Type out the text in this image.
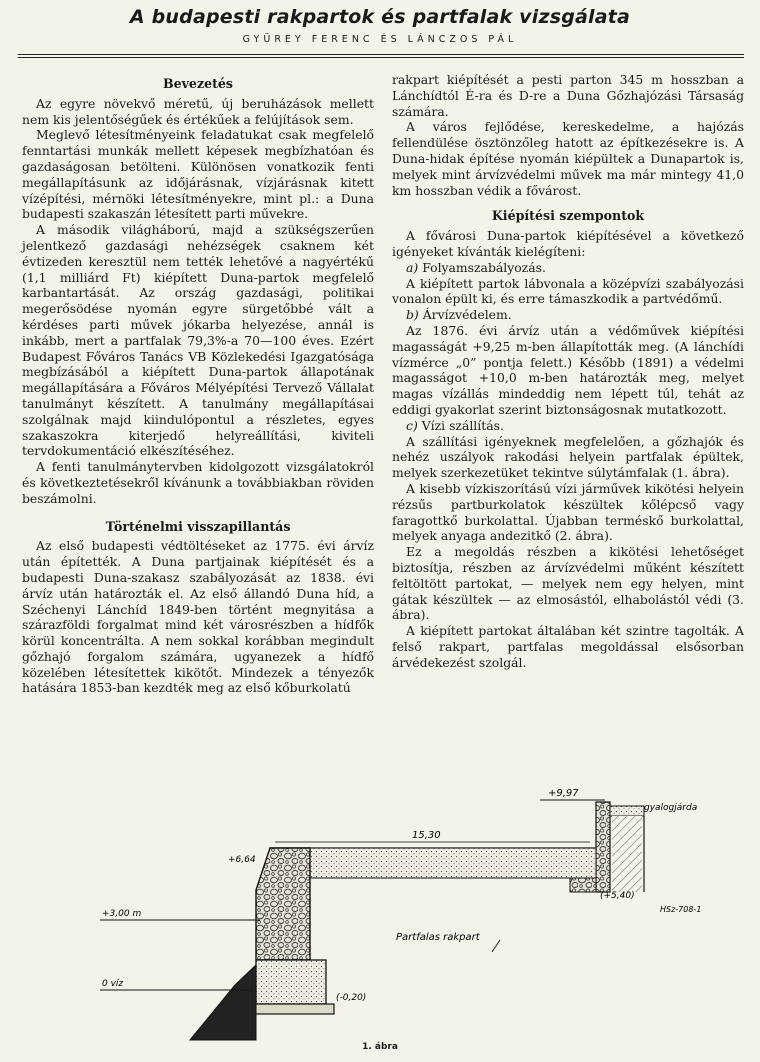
A budapesti rakpartok és partfalak vizsgálata
GYÜREY FERENC ÉS LÁNCZOS PÁL
Bevezetés

Az egyre növekvő méretű, új beruházások mellett nem kis jelentőségűek és értékűek a felújítások sem.

Meglevő létesítményeink feladatukat csak megfelelő fenntartási munkák mellett képesek megbízhatóan és gazdaságosan betölteni. Különösen vonatkozik fenti megállapításunk az időjárásnak, vízjárásnak kitett vízépítési, mérnöki létesítményekre, mint pl.: a Duna budapesti szakaszán létesített parti művekre.

A második világháború, majd a szükségszerűen jelentkező gazdasági nehézségek csaknem két évtizeden keresztül nem tették lehetővé a nagyértékű (1,1 milliárd Ft) kiépített Duna-partok megfelelő karbantartását. Az ország gazdasági, politikai megerősödése nyomán egyre sürgetőbbé vált a kérdéses parti művek jókarba helyezése, annál is inkább, mert a partfalak 79,3%-a 70—100 éves. Ezért Budapest Főváros Tanács VB Közlekedési Igazgatósága megbízásából a kiépített Duna-partok állapotának megállapítására a Főváros Mélyépítési Tervező Vállalat tanulmányt készített. A tanulmány megállapításai szolgálnak majd kiindulópontul a részletes, egyes szakaszokra kiterjedő helyreállítási, kiviteli tervdokumentáció elkészítéséhez.

A fenti tanulmánytervben kidolgozott vizsgálatokról és következtetésekről kívánunk a továbbiakban röviden beszámolni.

Történelmi visszapillantás

Az első budapesti védtöltéseket az 1775. évi árvíz után építették. A Duna partjainak kiépítését és a budapesti Duna-szakasz szabályozását az 1838. évi árvíz után határozták el. Az első állandó Duna híd, a Széchenyi Lánchíd 1849-ben történt megnyitása a szárazföldi forgalmat mind két városrészben a hídfők körül koncentrálta. A nem sokkal korábban megindult gőzhajó forgalom számára, ugyanezek a hídfő közelében létesítettek kikötőt. Mindezek a tényezők hatására 1853-ban kezdték meg az első kőburkolatú

rakpart kiépítését a pesti parton 345 m hosszban a Lánchídtól É-ra és D-re a Duna Gőzhajózási Társaság számára.

A város fejlődése, kereskedelme, a hajózás fellendülése ösztönzőleg hatott az építkezésekre is. A Duna-hidak építése nyomán kiépültek a Dunapartok is, melyek mint árvízvédelmi művek ma már mintegy 41,0 km hosszban védik a fővárost.

Kiépítési szempontok

A fővárosi Duna-partok kiépítésével a következő igényeket kívánták kielégíteni:

a) Folyamszabályozás.

A kiépített partok lábvonala a középvízi szabályozási vonalon épült ki, és erre támaszkodik a partvédőmű.

b) Árvízvédelem.

Az 1876. évi árvíz után a védőművek kiépítési magasságát +9,25 m-ben állapították meg. (A lánchídi vízmérce „0” pontja felett.) Később (1891) a védelmi magasságot +10,0 m-ben határozták meg, melyet magas vízállás mindeddig nem lépett túl, tehát az eddigi gyakorlat szerint biztonságosnak mutatkozott.

c) Vízi szállítás.

A szállítási igényeknek megfelelően, a gőzhajók és nehéz uszályok rakodási helyein partfalak épültek, melyek szerkezetüket tekintve súlytámfalak (1. ábra).

A kisebb vízkiszorítású vízi járművek kikötési helyein rézsűs partburkolatok készültek kőlépcső vagy faragottkő burkolattal. Újabban terméskő burkolattal, melyek anyaga andezitkő (2. ábra).

Ez a megoldás részben a kikötési lehetőséget biztosítja, részben az árvízvédelmi műként készített feltöltött partokat, — melyek nem egy helyen, mint gátak készültek — az elmosástól, elhabolástól védi (3. ábra).

A kiépített partokat általában két szintre tagolták. A felső rakpart, partfalas megoldással elsősorban árvédekezést szolgál.

+9,97
gyalogjárda
15,30
+6,64
(+5,40)
+3,00 m
0 víz
(-0,20)
Partfalas rakpart
HSz-708-1
1. ábra
